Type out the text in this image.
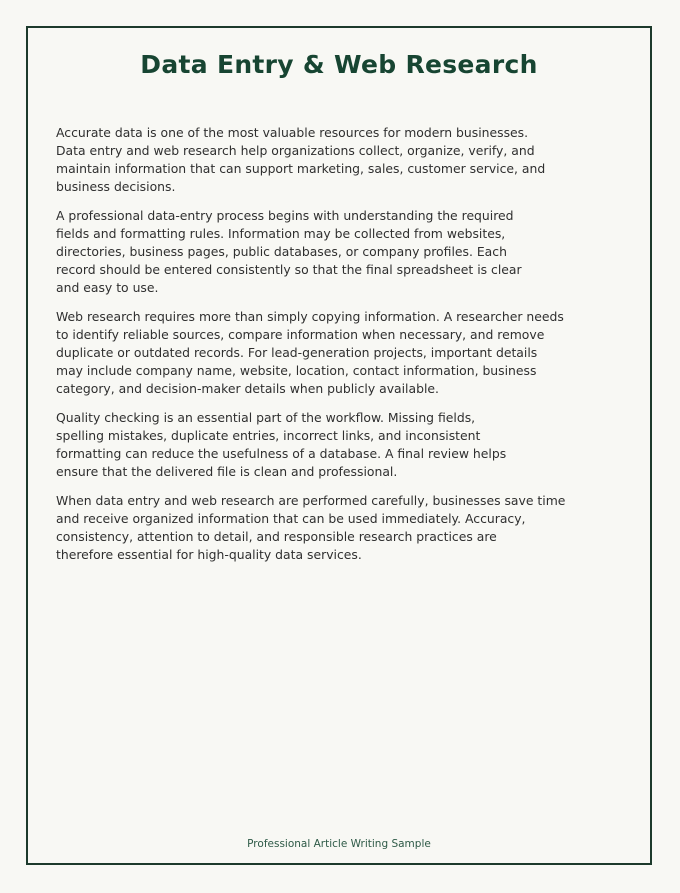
Data Entry & Web Research

Accurate data is one of the most valuable resources for modern businesses.
Data entry and web research help organizations collect, organize, verify, and
maintain information that can support marketing, sales, customer service, and
business decisions.

A professional data-entry process begins with understanding the required
fields and formatting rules. Information may be collected from websites,
directories, business pages, public databases, or company profiles. Each
record should be entered consistently so that the final spreadsheet is clear
and easy to use.

Web research requires more than simply copying information. A researcher needs
to identify reliable sources, compare information when necessary, and remove
duplicate or outdated records. For lead-generation projects, important details
may include company name, website, location, contact information, business
category, and decision-maker details when publicly available.

Quality checking is an essential part of the workflow. Missing fields,
spelling mistakes, duplicate entries, incorrect links, and inconsistent
formatting can reduce the usefulness of a database. A final review helps
ensure that the delivered file is clean and professional.

When data entry and web research are performed carefully, businesses save time
and receive organized information that can be used immediately. Accuracy,
consistency, attention to detail, and responsible research practices are
therefore essential for high-quality data services.

Professional Article Writing Sample
